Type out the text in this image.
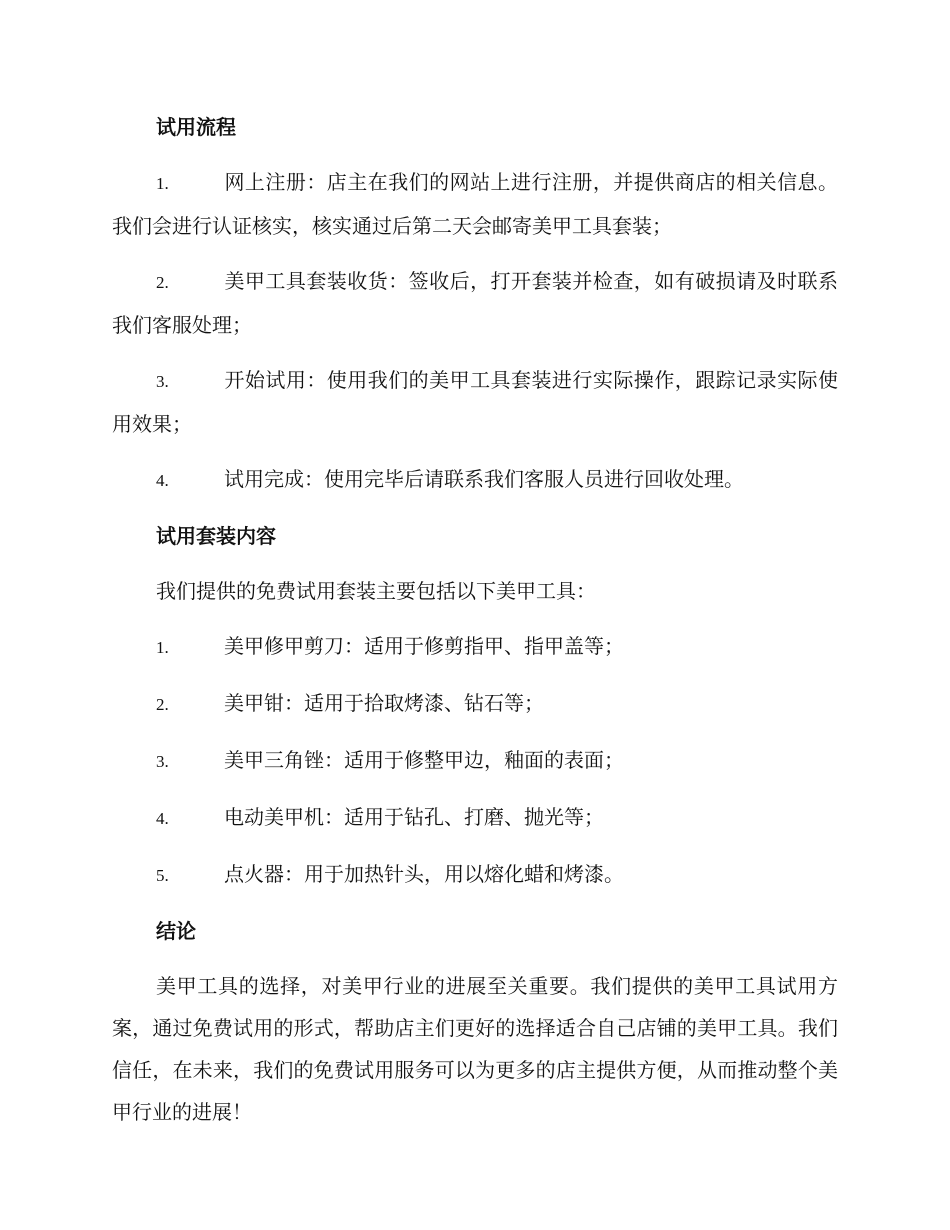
试用流程
1.	网上注册：店主在我们的网站上进行注册，并提供商店的相关信息。我们会进行认证核实，核实通过后第二天会邮寄美甲工具套装；
2.	美甲工具套装收货：签收后，打开套装并检查，如有破损请及时联系我们客服处理；
3.	开始试用：使用我们的美甲工具套装进行实际操作，跟踪记录实际使用效果；
4.	试用完成：使用完毕后请联系我们客服人员进行回收处理。
试用套装内容
我们提供的免费试用套装主要包括以下美甲工具：
1.	美甲修甲剪刀：适用于修剪指甲、指甲盖等；
2.	美甲钳：适用于拾取烤漆、钻石等；
3.	美甲三角锉：适用于修整甲边，釉面的表面；
4.	电动美甲机：适用于钻孔、打磨、抛光等；
5.	点火器：用于加热针头，用以熔化蜡和烤漆。
结论
美甲工具的选择，对美甲行业的进展至关重要。我们提供的美甲工具试用方案，通过免费试用的形式，帮助店主们更好的选择适合自己店铺的美甲工具。我们信任，在未来，我们的免费试用服务可以为更多的店主提供方便，从而推动整个美甲行业的进展！
